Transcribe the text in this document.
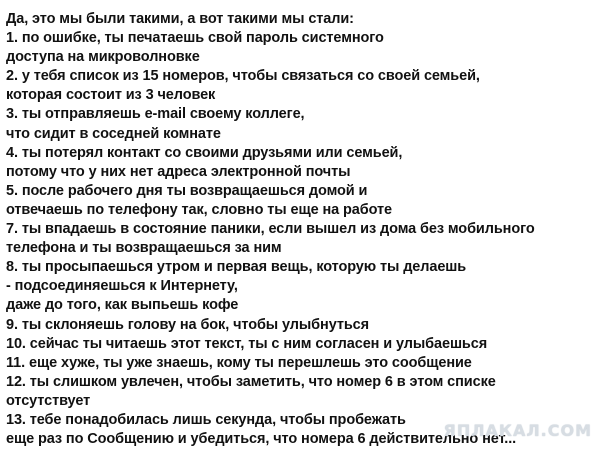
Да, это мы были такими, а вот такими мы стали:
1. по ошибке, ты печатаешь свой пароль системного
доступа на микроволновке
2. у тебя список из 15 номеров, чтобы связаться со своей семьей,
которая состоит из 3 человек
3. ты отправляешь e-mail своему коллеге,
что сидит в соседней комнате
4. ты потерял контакт со своими друзьями или семьей,
потому что у них нет адреса электронной почты
5. после рабочего дня ты возвращаешься домой и
отвечаешь по телефону так, словно ты еще на работе
7. ты впадаешь в состояние паники, если вышел из дома без мобильного
телефона и ты возвращаешься за ним
8. ты просыпаешься утром и первая вещь, которую ты делаешь
- подсоединяешься к Интернету,
даже до того, как выпьешь кофе
9. ты склоняешь голову на бок, чтобы улыбнуться
10. сейчас ты читаешь этот текст, ты с ним согласен и улыбаешься
11. еще хуже, ты уже знаешь, кому ты перешлешь это сообщение
12. ты слишком увлечен, чтобы заметить, что номер 6 в этом списке
отсутствует
13. тебе понадобилась лишь секунда, чтобы пробежать
еще раз по Сообщению и убедиться, что номера 6 действительно нет...
ЯПЛАКАЛ.COM
